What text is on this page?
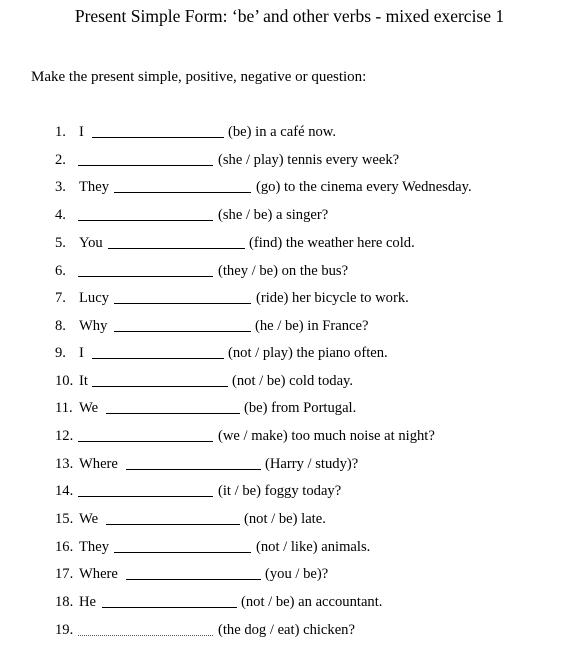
Present Simple Form: ‘be’ and other verbs - mixed exercise 1
Make the present simple, positive, negative or question:
1. I	(be) in a café now.
2.	(she / play) tennis every week?
3. They	(go) to the cinema every Wednesday.
4.	(she / be) a singer?
5. You	(find) the weather here cold.
6.	(they / be) on the bus?
7. Lucy	(ride) her bicycle to work.
8. Why	(he / be) in France?
9. I	(not / play) the piano often.
10. It	(not / be) cold today.
11. We	(be) from Portugal.
12.	(we / make) too much noise at night?
13. Where	(Harry / study)?
14.	(it / be) foggy today?
15. We	(not / be) late.
16. They	(not / like) animals.
17. Where	(you / be)?
18. He	(not / be) an accountant.
19.	(the dog / eat) chicken?
